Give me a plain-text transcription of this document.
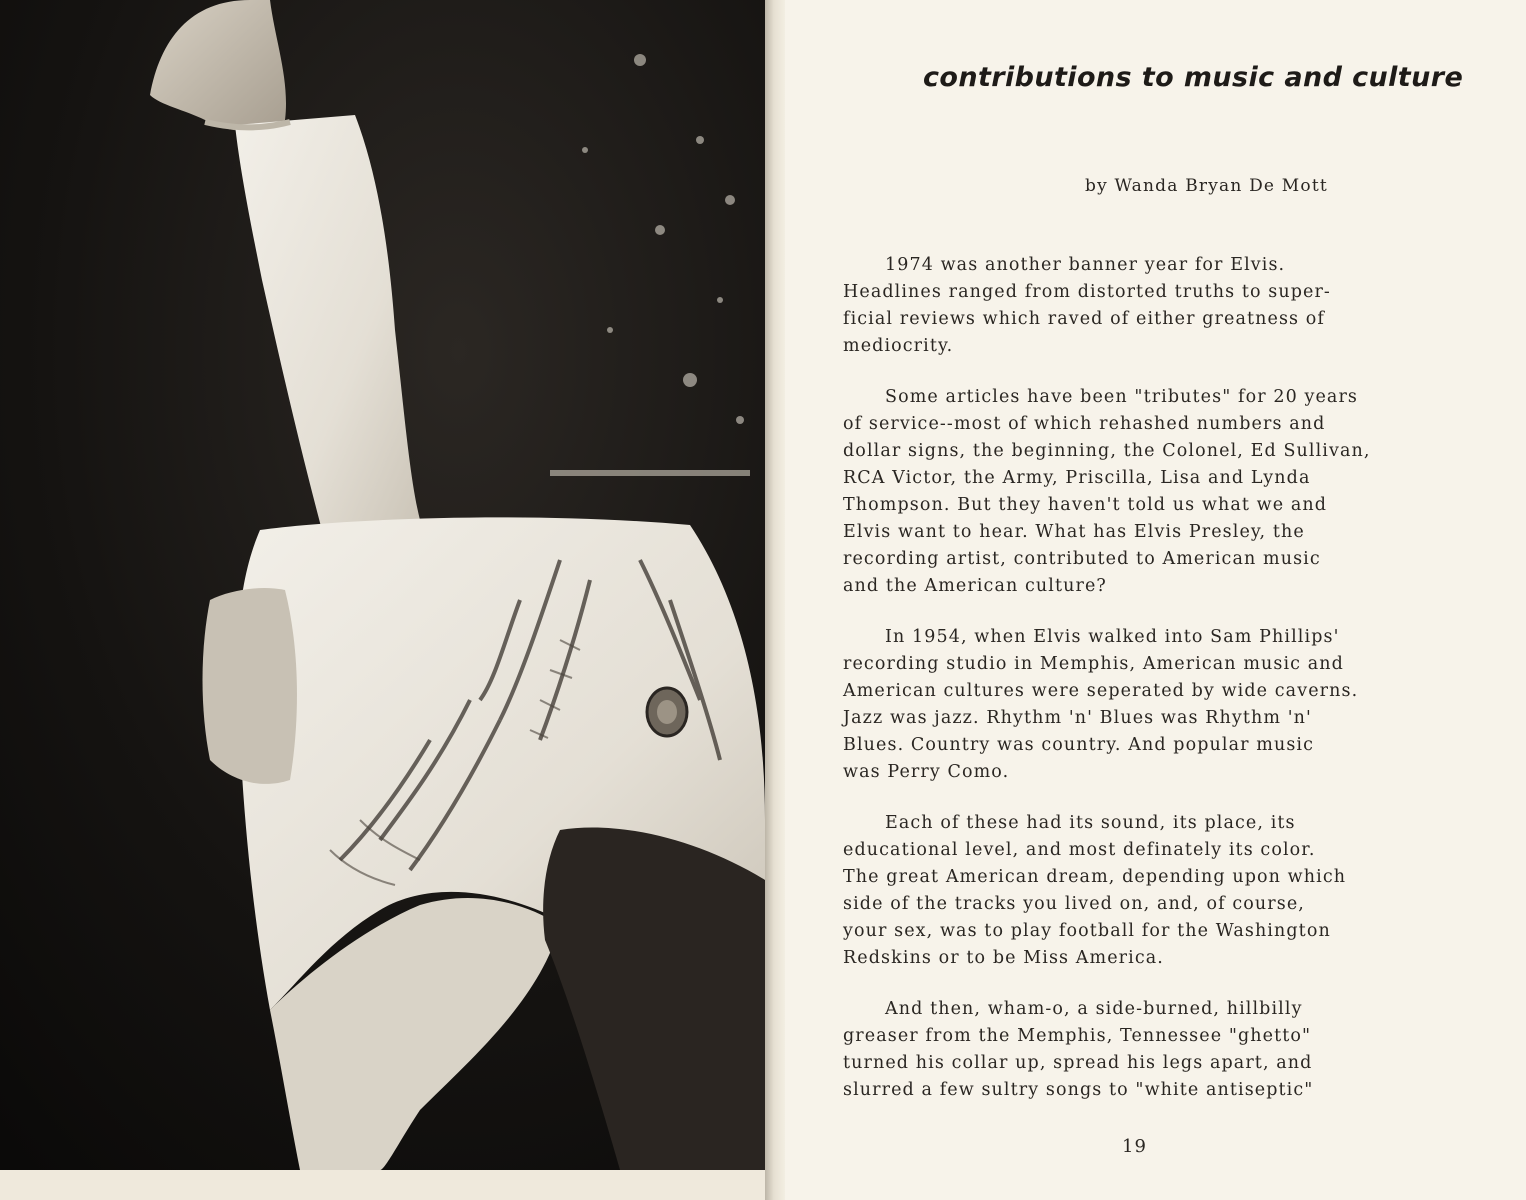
contributions to music and culture

by Wanda Bryan De Mott

1974 was another banner year for Elvis.
Headlines ranged from distorted truths to super-
ficial reviews which raved of either greatness of
mediocrity.

Some articles have been "tributes" for 20 years
of service--most of which rehashed numbers and
dollar signs, the beginning, the Colonel, Ed Sullivan,
RCA Victor, the Army, Priscilla, Lisa and Lynda
Thompson. But they haven't told us what we and
Elvis want to hear. What has Elvis Presley, the
recording artist, contributed to American music
and the American culture?

In 1954, when Elvis walked into Sam Phillips'
recording studio in Memphis, American music and
American cultures were seperated by wide caverns.
Jazz was jazz. Rhythm 'n' Blues was Rhythm 'n'
Blues. Country was country. And popular music
was Perry Como.

Each of these had its sound, its place, its
educational level, and most definately its color.
The great American dream, depending upon which
side of the tracks you lived on, and, of course,
your sex, was to play football for the Washington
Redskins or to be Miss America.

And then, wham-o, a side-burned, hillbilly
greaser from the Memphis, Tennessee "ghetto"
turned his collar up, spread his legs apart, and
slurred a few sultry songs to "white antiseptic"

19
